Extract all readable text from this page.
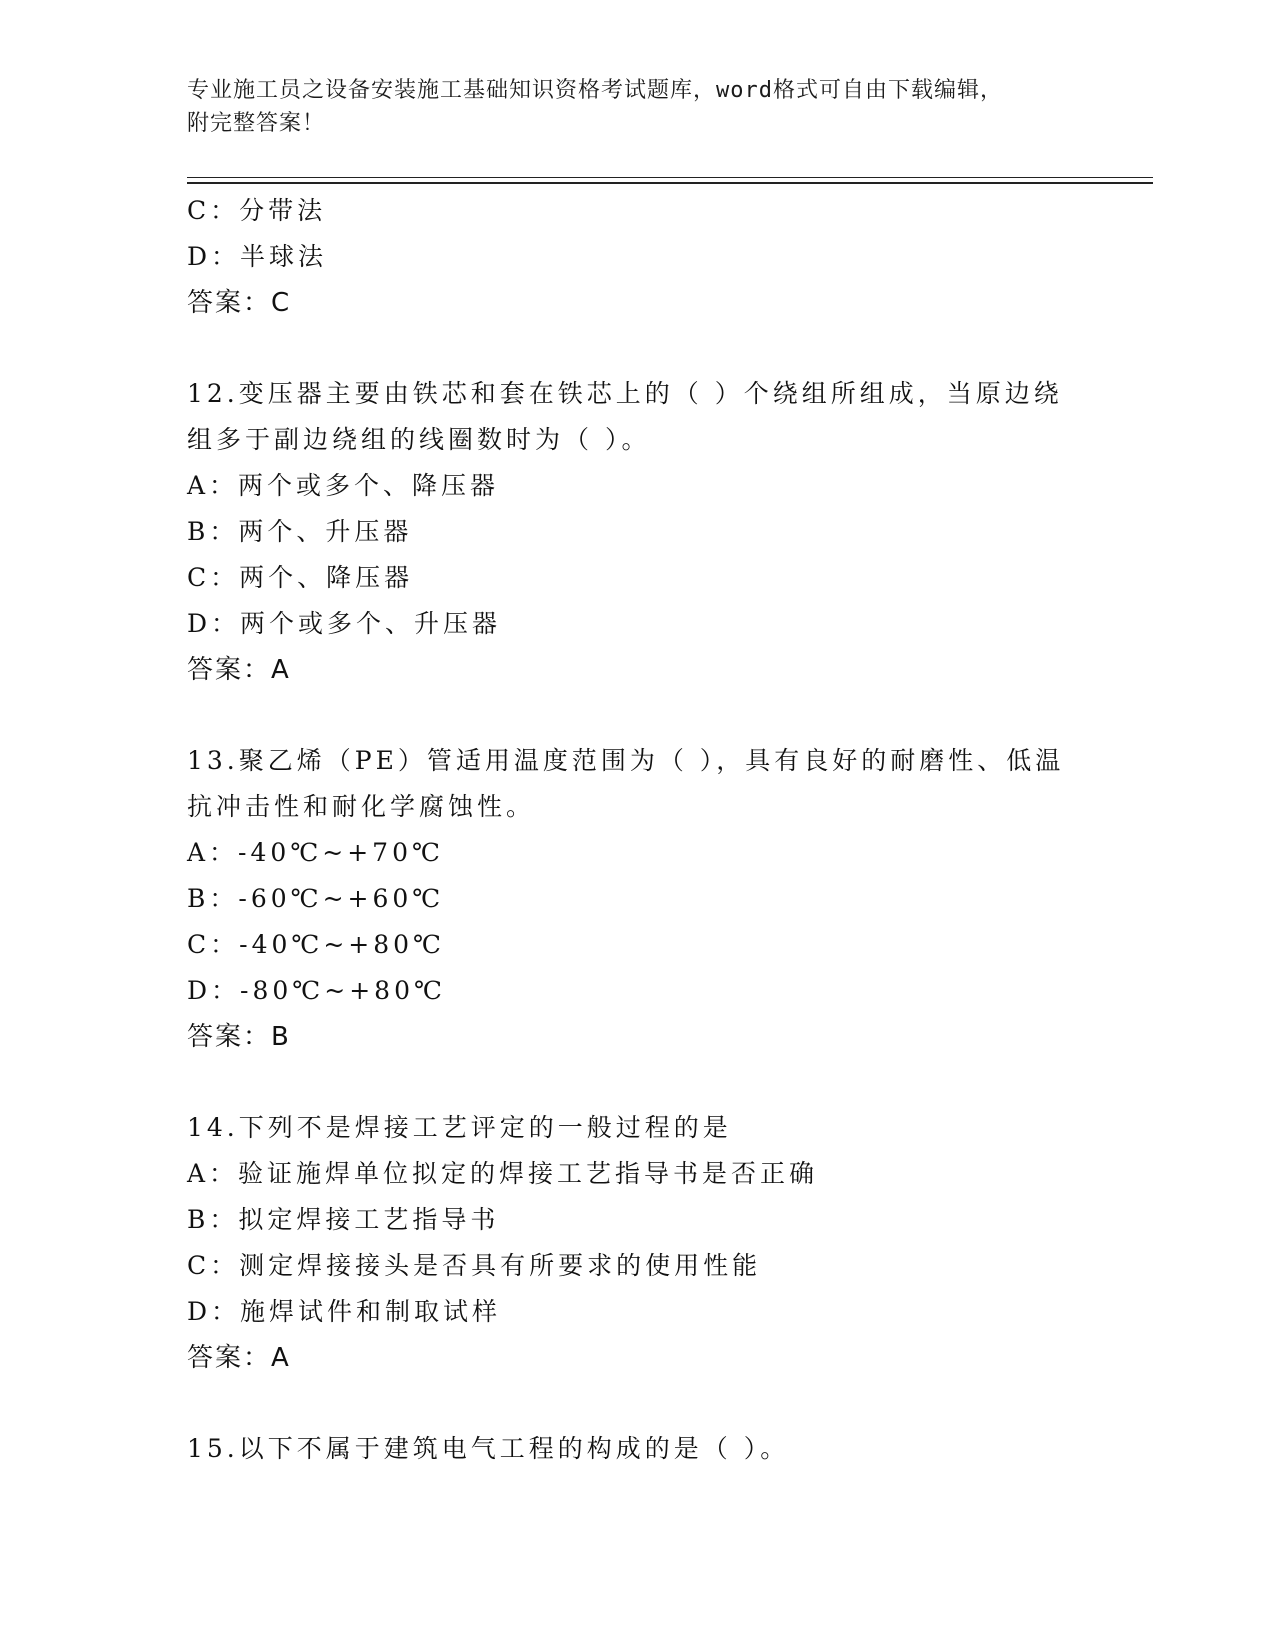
专业施工员之设备安装施工基础知识资格考试题库，word格式可自由下载编辑，
附完整答案！
C：分带法
D：半球法
答案：C
12.变压器主要由铁芯和套在铁芯上的（ ）个绕组所组成，当原边绕
组多于副边绕组的线圈数时为（ ）。
A：两个或多个、降压器
B：两个、升压器
C：两个、降压器
D：两个或多个、升压器
答案：A
13.聚乙烯（PE）管适用温度范围为（ ），具有良好的耐磨性、低温
抗冲击性和耐化学腐蚀性。
A：-40℃~+70℃
B：-60℃~+60℃
C：-40℃~+80℃
D：-80℃~+80℃
答案：B
14.下列不是焊接工艺评定的一般过程的是
A：验证施焊单位拟定的焊接工艺指导书是否正确
B：拟定焊接工艺指导书
C：测定焊接接头是否具有所要求的使用性能
D：施焊试件和制取试样
答案：A
15.以下不属于建筑电气工程的构成的是（ ）。
